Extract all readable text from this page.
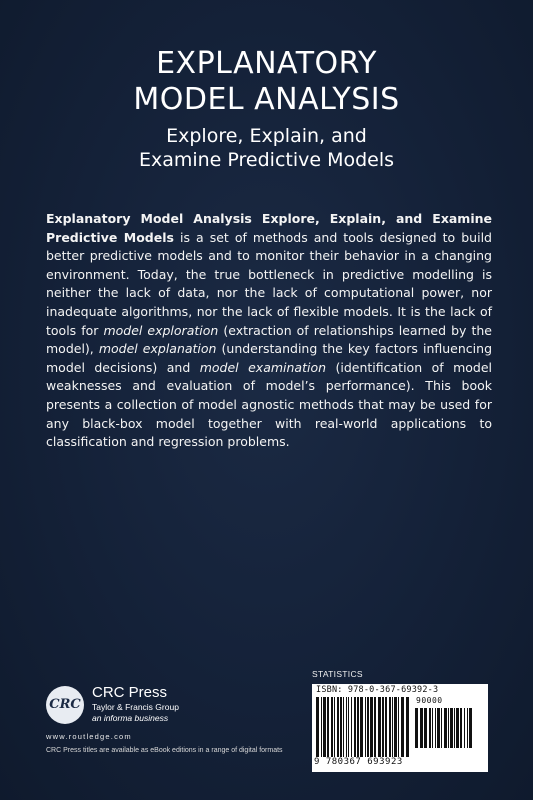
EXPLANATORY
MODEL ANALYSIS
Explore, Explain, and
Examine Predictive Models
Explanatory Model Analysis Explore, Explain, and Examine Predictive Models is a set of methods and tools designed to build better predictive models and to monitor their behavior in a changing environment. Today, the true bottleneck in predictive modelling is neither the lack of data, nor the lack of computational power, nor inadequate algorithms, nor the lack of flexible models. It is the lack of tools for model exploration (extraction of relationships learned by the model), model explanation (understanding the key factors influencing model decisions) and model examination (identification of model weaknesses and evaluation of model’s performance). This book presents a collection of model agnostic methods that may be used for any black-box model together with real-world applications to classification and regression problems.
CRC
CRC Press
Taylor & Francis Group
an informa business
www.routledge.com
CRC Press titles are available as eBook editions in a range of digital formats
STATISTICS
ISBN: 978-0-367-69392-3
90000
9 780367 693923
